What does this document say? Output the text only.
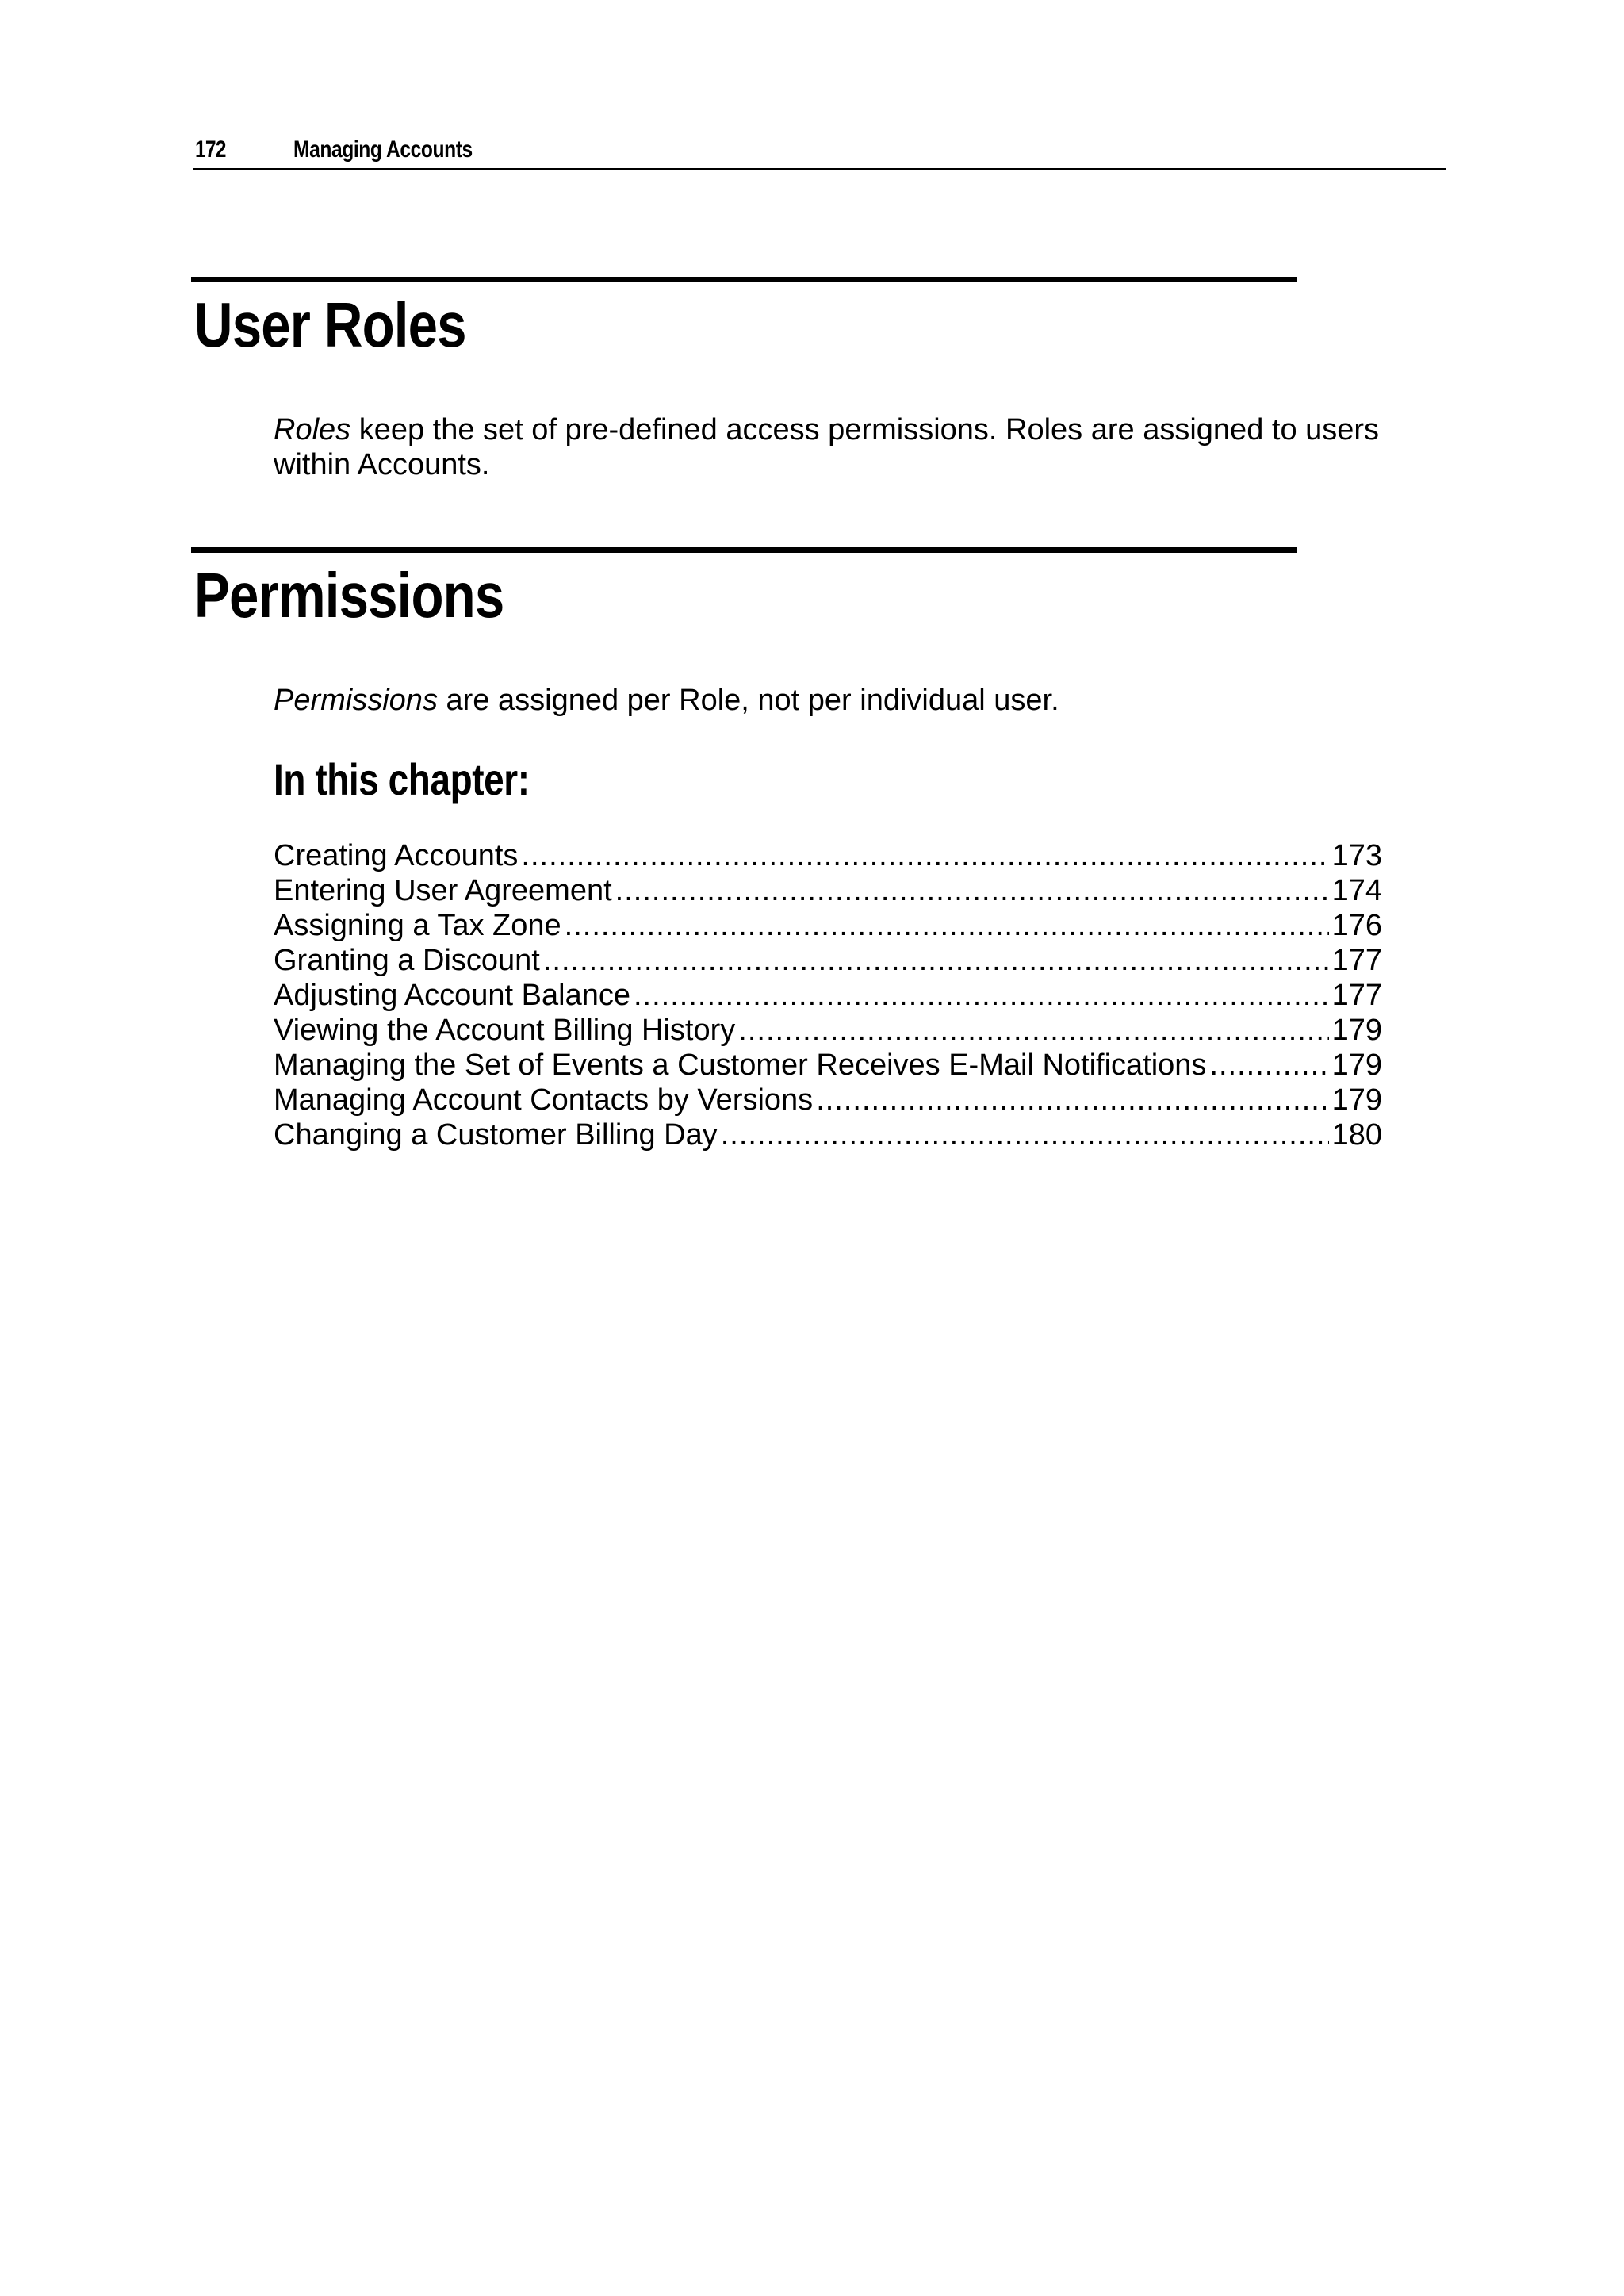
172	Managing Accounts
User Roles

Roles keep the set of pre-defined access permissions. Roles are assigned to users within Accounts.

Permissions

Permissions are assigned per Role, not per individual user.

In this chapter:
Creating Accounts .....	173
Entering User Agreement .....	174
Assigning a Tax Zone .....	176
Granting a Discount .....	177
Adjusting Account Balance .....	177
Viewing the Account Billing History .....	179
Managing the Set of Events a Customer Receives E-Mail Notifications .....	179
Managing Account Contacts by Versions .....	179
Changing a Customer Billing Day .....	180
